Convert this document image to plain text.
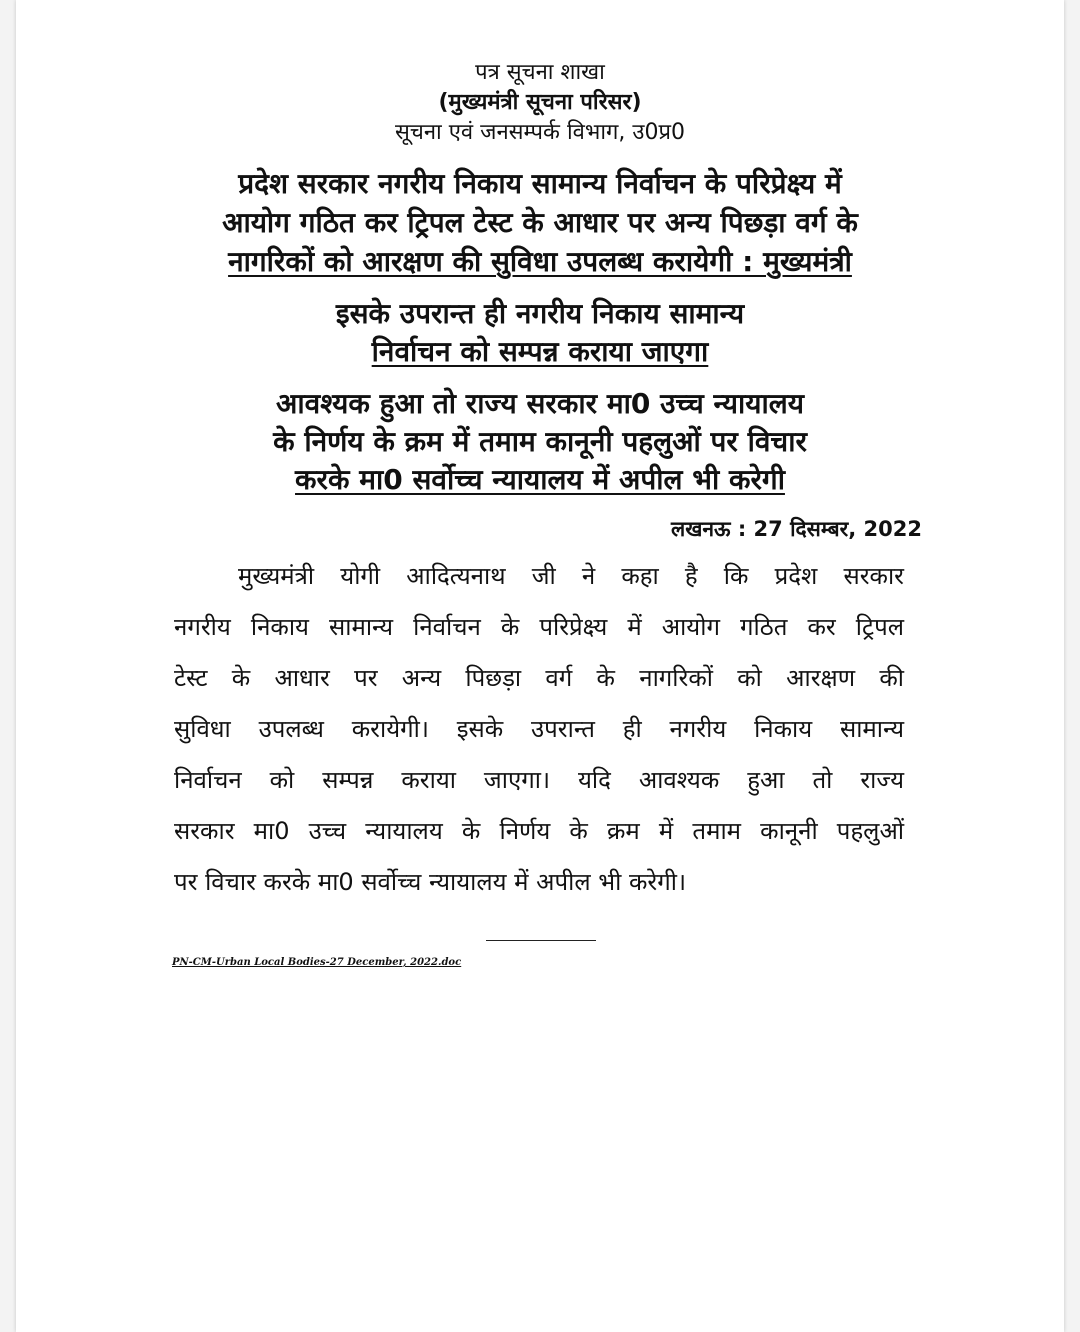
पत्र सूचना शाखा
(मुख्यमंत्री सूचना परिसर)
सूचना एवं जनसम्पर्क विभाग, उ0प्र0
प्रदेश सरकार नगरीय निकाय सामान्य निर्वाचन के परिप्रेक्ष्य में
आयोग गठित कर ट्रिपल टेस्ट के आधार पर अन्य पिछड़ा वर्ग के
नागरिकों को आरक्षण की सुविधा उपलब्ध करायेगी : मुख्यमंत्री
इसके उपरान्त ही नगरीय निकाय सामान्य
निर्वाचन को सम्पन्न कराया जाएगा
आवश्यक हुआ तो राज्य सरकार मा0 उच्च न्यायालय
के निर्णय के क्रम में तमाम कानूनी पहलुओं पर विचार
करके मा0 सर्वोच्च न्यायालय में अपील भी करेगी
लखनऊ : 27 दिसम्बर, 2022
मुख्यमंत्री योगी आदित्यनाथ जी ने कहा है कि प्रदेश सरकार
नगरीय निकाय सामान्य निर्वाचन के परिप्रेक्ष्य में आयोग गठित कर ट्रिपल
टेस्ट के आधार पर अन्य पिछड़ा वर्ग के नागरिकों को आरक्षण की
सुविधा उपलब्ध करायेगी। इसके उपरान्त ही नगरीय निकाय सामान्य
निर्वाचन को सम्पन्न कराया जाएगा। यदि आवश्यक हुआ तो राज्य
सरकार मा0 उच्च न्यायालय के निर्णय के क्रम में तमाम कानूनी पहलुओं
पर विचार करके मा0 सर्वोच्च न्यायालय में अपील भी करेगी।
PN-CM-Urban Local Bodies-27 December, 2022.doc
